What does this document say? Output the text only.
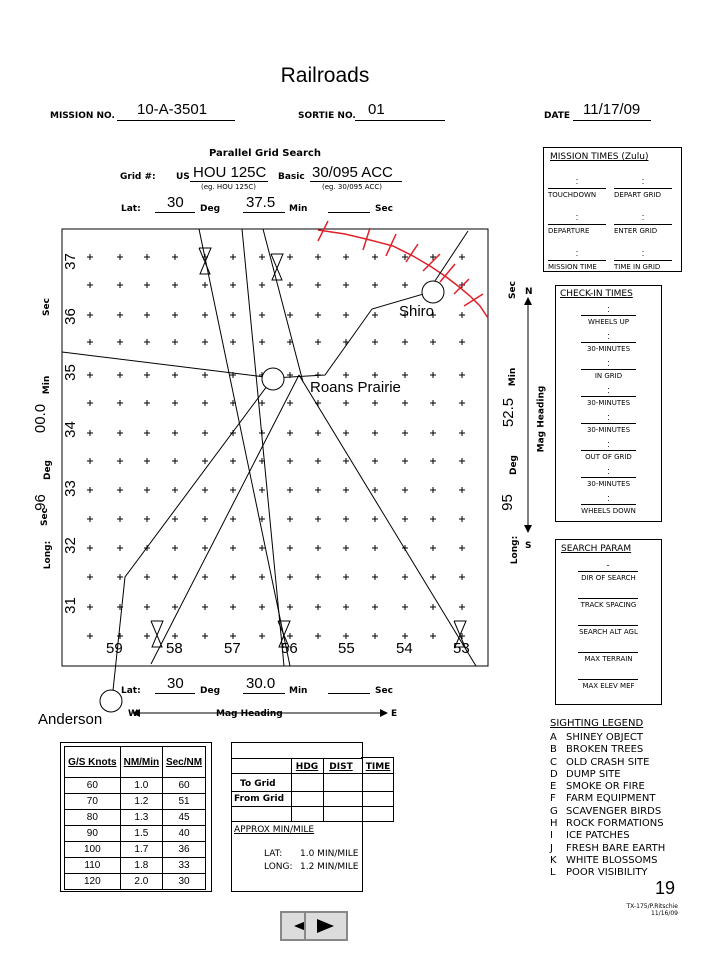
Railroads
MISSION NO. 10-A-3501	SORTIE NO. 01	DATE 11/17/09
Parallel Grid Search
Grid #: US HOU 125C
(eg. HOU 125C)
Basic 30/095 ACC
(eg. 30/095 ACC)
Lat: 30 Deg 37.5 Min	Sec
37
36
35
34
33
32
31
59	58	57	56	55	54	53
Shiro
Roans Prairie
Anderson
Sec
Sec
Min
00.0
Deg
96
Long:
Sec
Min
52.5
Deg
95
Long:
Mag Heading
N
S
Lat: 30 Deg 30.0 Min	Sec
W	Mag Heading	E
MISSION TIMES (Zulu)
:
TOUCHDOWN
:
DEPART GRID
:
DEPARTURE
:
ENTER GRID
:
MISSION TIME
:
TIME IN GRID
CHECK-IN TIMES
:
WHEELS UP
:
30-MINUTES
:
IN GRID
:
30-MINUTES
:
30-MINUTES
:
OUT OF GRID
:
30-MINUTES
:
WHEELS DOWN
SEARCH PARAM
-
DIR OF SEARCH
TRACK SPACING
SEARCH ALT AGL
MAX TERRAIN
MAX ELEV MEF
G/S Knots	NM/Min	Sec/NM
60	1.0	60
70	1.2	51
80	1.3	45
90	1.5	40
100	1.7	36
110	1.8	33
120	2.0	30
HDG	DIST	TIME
To Grid
From Grid
APPROX MIN/MILE
LAT: 1.0 MIN/MILE
LONG: 1.2 MIN/MILE
SIGHTING LEGEND
A SHINEY OBJECT
B BROKEN TREES
C OLD CRASH SITE
D DUMP SITE
E SMOKE OR FIRE
F FARM EQUIPMENT
G SCAVENGER BIRDS
H ROCK FORMATIONS
I ICE PATCHES
J FRESH BARE EARTH
K WHITE BLOSSOMS
L POOR VISIBILITY
19
TX-175/P.Ritschie
11/16/09
